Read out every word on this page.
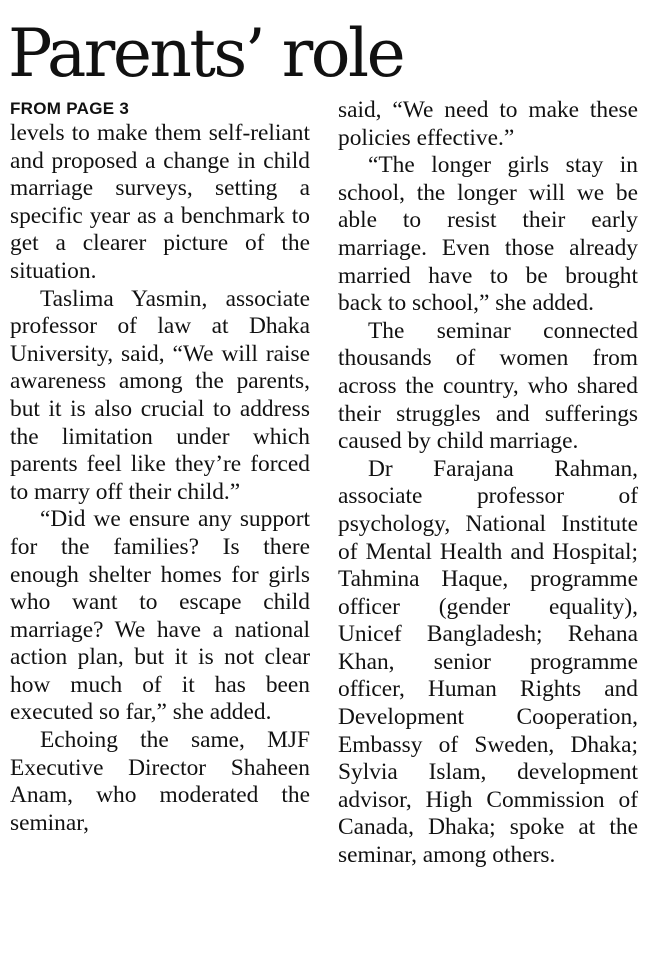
Parents’ role
FROM PAGE 3

levels to make them self-reliant and proposed a change in child marriage surveys, setting a specific year as a benchmark to get a clearer picture of the situation.

Taslima Yasmin, associate professor of law at Dhaka University, said, “We will raise awareness among the parents, but it is also crucial to address the limitation under which parents feel like they’re forced to marry off their child.”

“Did we ensure any support for the families? Is there enough shelter homes for girls who want to escape child marriage? We have a national action plan, but it is not clear how much of it has been executed so far,” she added.

Echoing the same, MJF Executive Director Shaheen Anam, who moderated the seminar,

said, “We need to make these policies effective.”

“The longer girls stay in school, the longer will we be able to resist their early marriage. Even those already married have to be brought back to school,” she added.

The seminar connected thousands of women from across the country, who shared their struggles and sufferings caused by child marriage.

Dr Farajana Rahman, associate professor of psychology, National Institute of Mental Health and Hospital; Tahmina Haque, programme officer (gender equality), Unicef Bangladesh; Rehana Khan, senior programme officer, Human Rights and Development Cooperation, Embassy of Sweden, Dhaka; Sylvia Islam, development advisor, High Commission of Canada, Dhaka; spoke at the seminar, among others.
